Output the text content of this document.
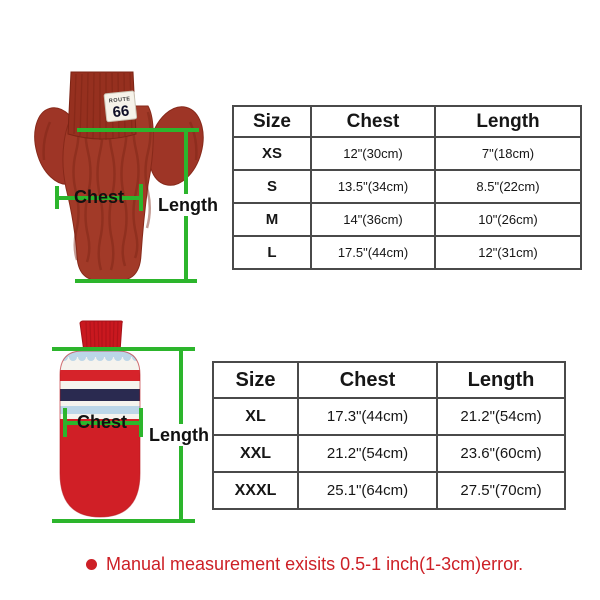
ROUTE
66
Length
Chest
Size	Chest	Length
XS	12"(30cm)	7"(18cm)
S	13.5"(34cm)	8.5"(22cm)
M	14"(36cm)	10"(26cm)
L	17.5"(44cm)	12"(31cm)
Length
Chest
Size	Chest	Length
XL	17.3"(44cm)	21.2"(54cm)
XXL	21.2"(54cm)	23.6"(60cm)
XXXL	25.1"(64cm)	27.5"(70cm)
Manual measurement exisits 0.5-1 inch(1-3cm)error.
